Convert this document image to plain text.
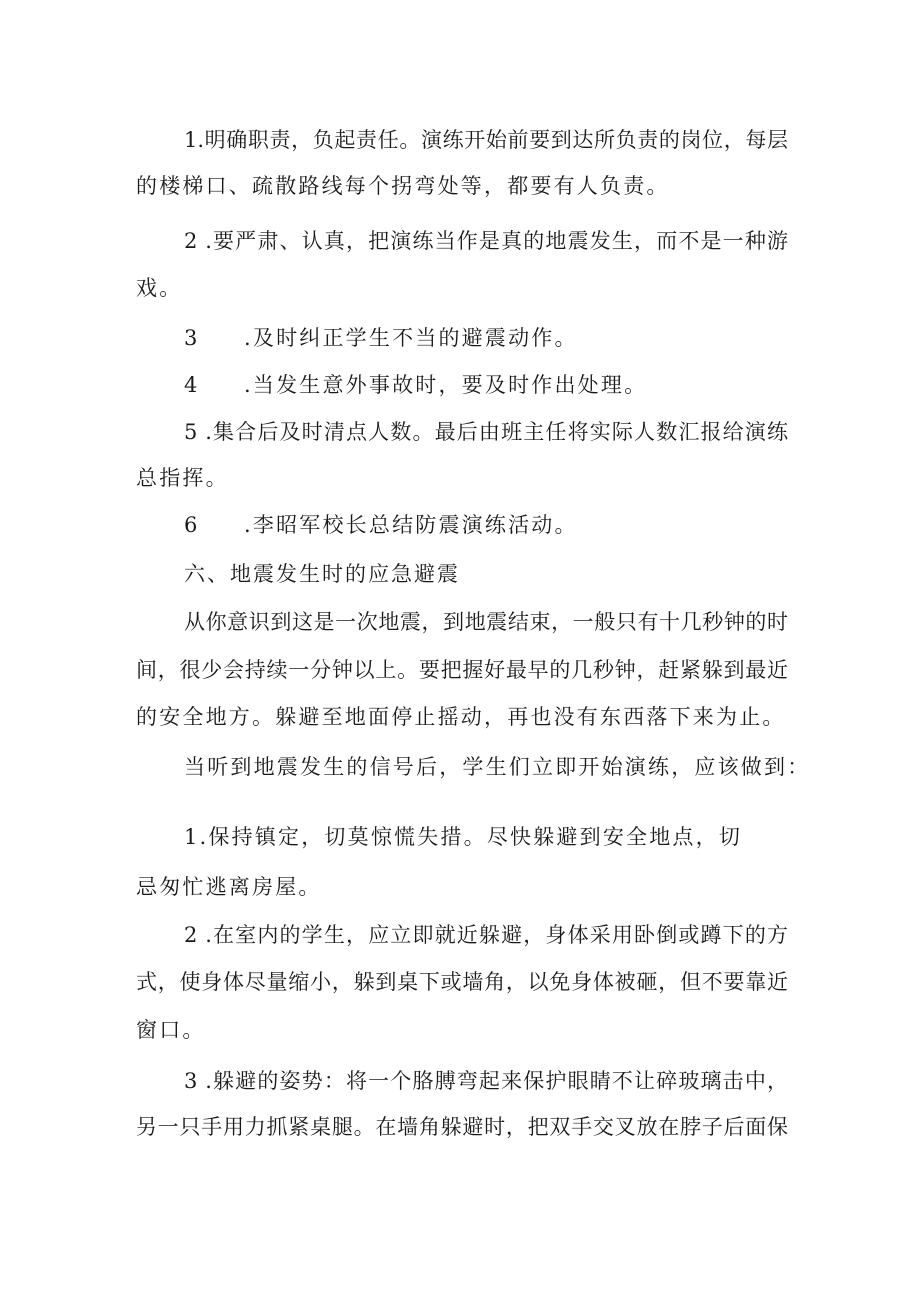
1.明确职责，负起责任。演练开始前要到达所负责的岗位，每层
的楼梯口、疏散路线每个拐弯处等，都要有人负责。
2 .要严肃、认真，把演练当作是真的地震发生，而不是一种游
戏。
3 .及时纠正学生不当的避震动作。
4 .当发生意外事故时，要及时作出处理。
5 .集合后及时清点人数。最后由班主任将实际人数汇报给演练
总指挥。
6 .李昭军校长总结防震演练活动。
六、地震发生时的应急避震
从你意识到这是一次地震，到地震结束，一般只有十几秒钟的时
间，很少会持续一分钟以上。要把握好最早的几秒钟，赶紧躲到最近
的安全地方。躲避至地面停止摇动，再也没有东西落下来为止。
当听到地震发生的信号后，学生们立即开始演练，应该做到：
1.保持镇定，切莫惊慌失措。尽快躲避到安全地点，切
忌匆忙逃离房屋。
2 .在室内的学生，应立即就近躲避，身体采用卧倒或蹲下的方
式，使身体尽量缩小，躲到桌下或墙角，以免身体被砸，但不要靠近
窗口。
3 .躲避的姿势：将一个胳膊弯起来保护眼睛不让碎玻璃击中，
另一只手用力抓紧桌腿。在墙角躲避时，把双手交叉放在脖子后面保
